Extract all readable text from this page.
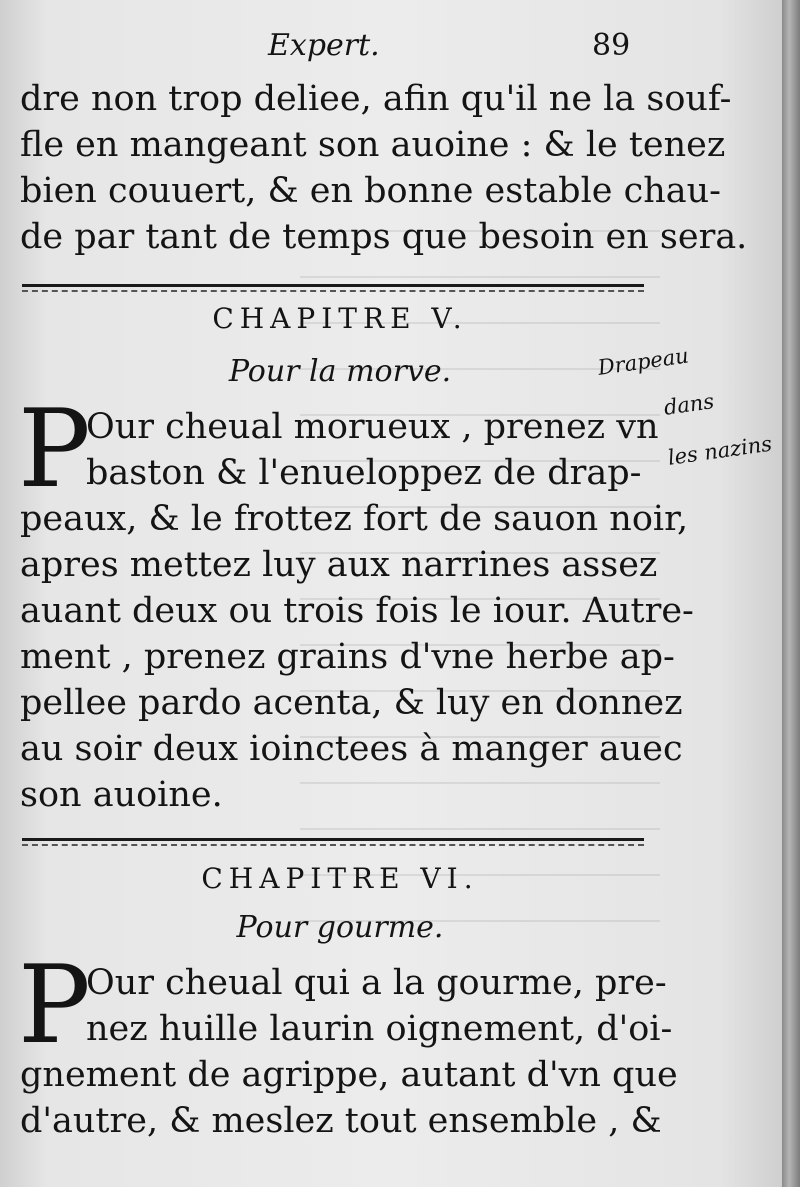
Expert.	89
dre non trop deliee, afin qu'il ne la souf-
fle en mangeant son auoine : & le tenez
bien couuert, & en bonne estable chau-
de par tant de temps que besoin en sera.
CHAPITRE V.
Pour la morve.
P
Our cheual morueux , prenez vn
baston & l'enueloppez de drap-
peaux, & le frottez fort de sauon noir,
apres mettez luy aux narrines assez
auant deux ou trois fois le iour. Autre-
ment , prenez grains d'vne herbe ap-
pellee pardo acenta, & luy en donnez
au soir deux ioinctees à manger auec
son auoine.
CHAPITRE VI.
Pour gourme.
P
Our cheual qui a la gourme, pre-
nez huille laurin oignement, d'oi-
gnement de agrippe, autant d'vn que
d'autre, & meslez tout ensemble , &
Drapeau
dans
les nazins
